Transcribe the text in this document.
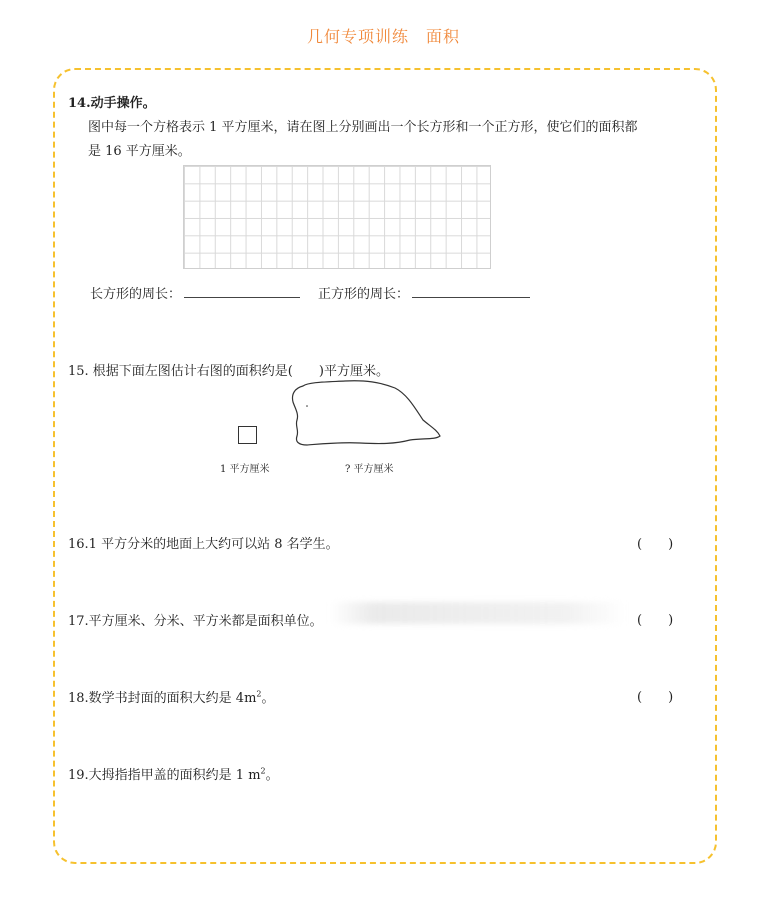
几何专项训练　面积
14.动手操作。
图中每一个方格表示 1 平方厘米，请在图上分别画出一个长方形和一个正方形，使它们的面积都
是 16 平方厘米。
长方形的周长：	正方形的周长：
15. 根据下面左图估计右图的面积约是(　　)平方厘米。
1 平方厘米	? 平方厘米
16.1 平方分米的地面上大约可以站 8 名学生。	(　　)
17.平方厘米、分米、平方米都是面积单位。	(　　)
18.数学书封面的面积大约是 $4m^2$。	(　　)
19.大拇指指甲盖的面积约是 1 $m^2$。
